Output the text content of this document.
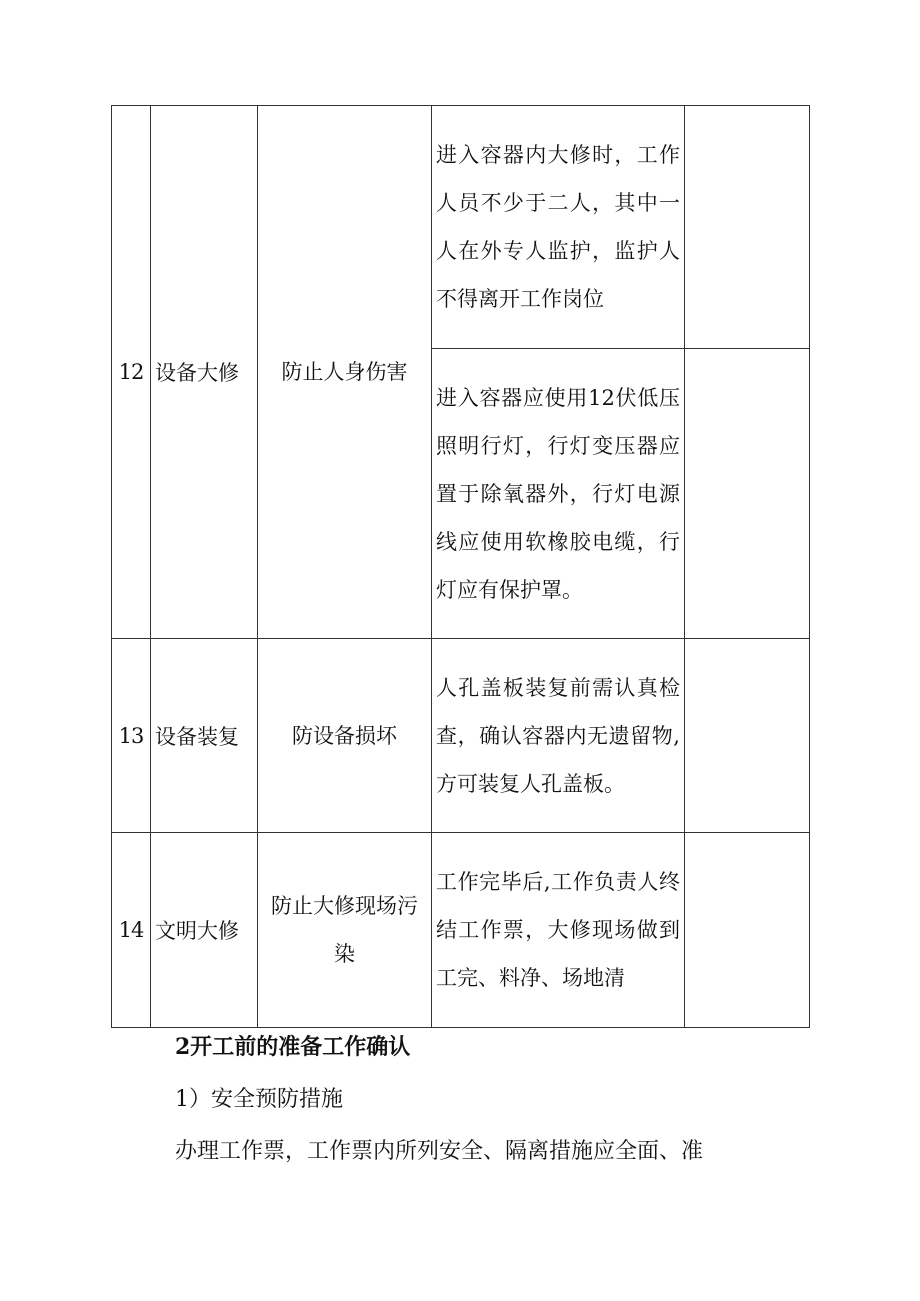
12	设备大修	防止人身伤害	进入容器内大修时，工作人员不少于二人，其中一人在外专人监护，监护人不得离开工作岗位	
			进入容器应使用12伏低压照明行灯，行灯变压器应置于除氧器外，行灯电源线应使用软橡胶电缆，行灯应有保护罩。	
13	设备装复	防设备损坏	人孔盖板装复前需认真检查，确认容器内无遗留物,方可装复人孔盖板。	
14	文明大修	防止大修现场污染	工作完毕后,工作负责人终结工作票，大修现场做到工完、料净、场地清	
2开工前的准备工作确认
1）安全预防措施
办理工作票，工作票内所列安全、隔离措施应全面、准
